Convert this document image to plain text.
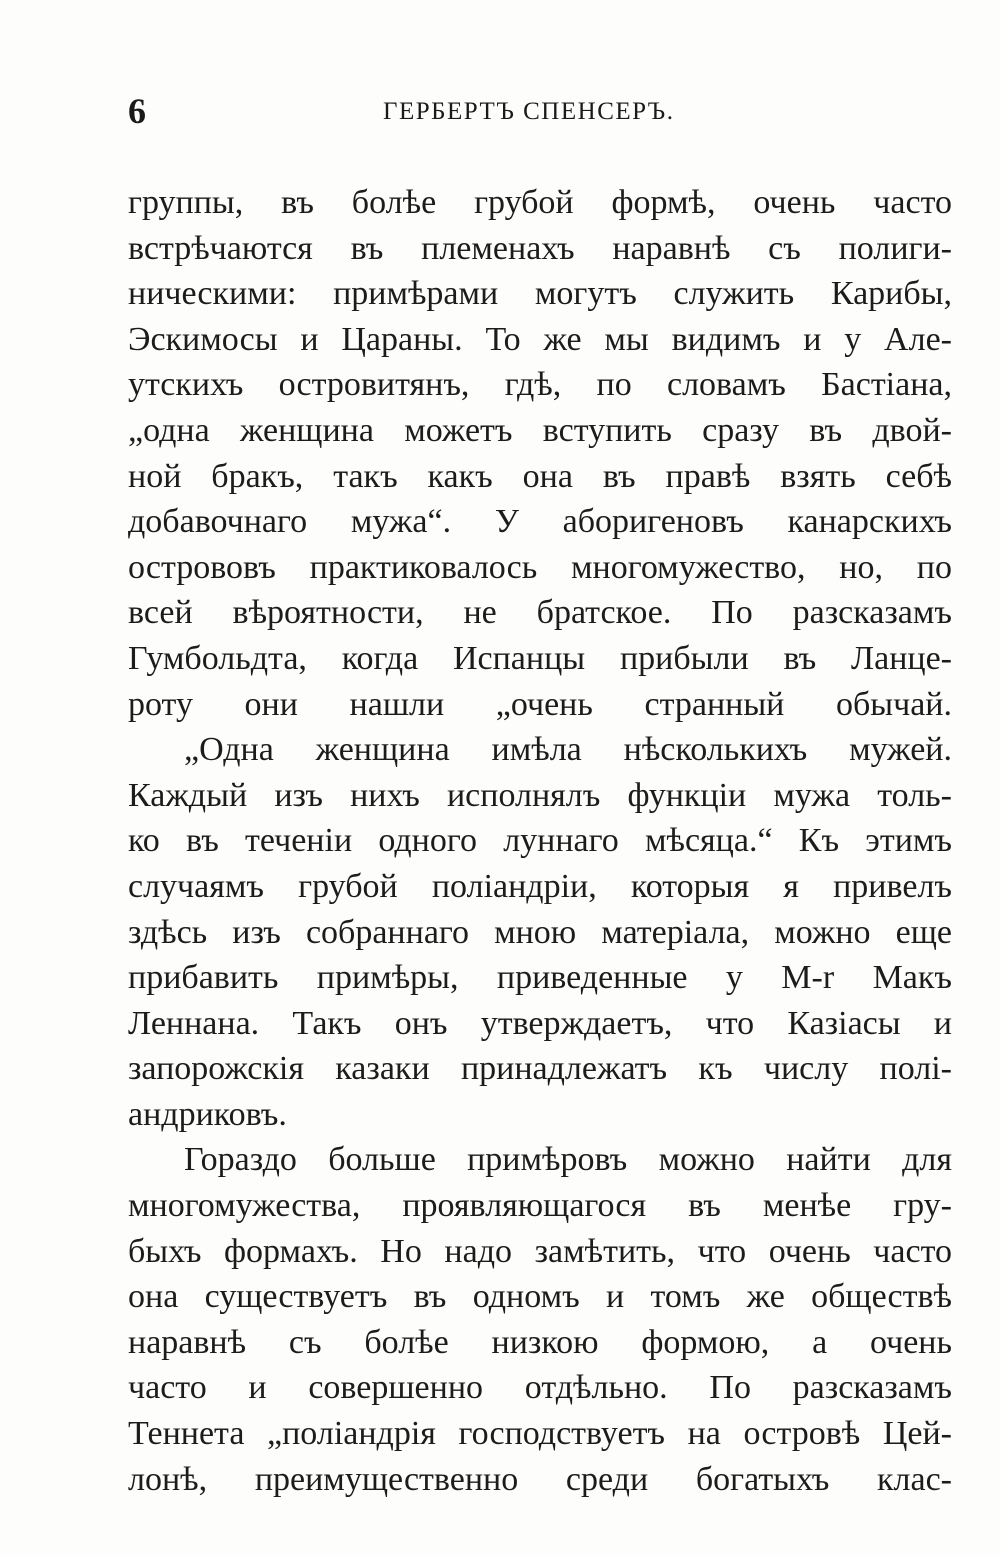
6	ГЕРБЕРТЪ СПЕНСЕРЪ.
группы, въ болѣе грубой формѣ, очень часто
встрѣчаются въ племенахъ наравнѣ съ полиги-
ническими: примѣрами могутъ служить Карибы,
Эскимосы и Цараны. То же мы видимъ и у Але-
утскихъ островитянъ, гдѣ, по словамъ Бастіана,
„одна женщина можетъ вступить сразу въ двой-
ной бракъ, такъ какъ она въ правѣ взять себѣ
добавочнаго мужа“. У аборигеновъ канарскихъ
острововъ практиковалось многомужество, но, по
всей вѣроятности, не братское. По разсказамъ
Гумбольдта, когда Испанцы прибыли въ Ланце-
роту они нашли „очень странный обычай.
„Одна женщина имѣла нѣсколькихъ мужей.
Каждый изъ нихъ исполнялъ функціи мужа толь-
ко въ теченіи одного луннаго мѣсяца.“ Къ этимъ
случаямъ грубой поліандріи, которыя я привелъ
здѣсь изъ собраннаго мною матеріала, можно еще
прибавить примѣры, приведенные у M-r Макъ
Леннана. Такъ онъ утверждаетъ, что Казіасы и
запорожскія казаки принадлежатъ къ числу полі-
андриковъ.
Гораздо больше примѣровъ можно найти для
многомужества, проявляющагося въ менѣе гру-
быхъ формахъ. Но надо замѣтить, что очень часто
она существуетъ въ одномъ и томъ же обществѣ
наравнѣ съ болѣе низкою формою, а очень
часто и совершенно отдѣльно. По разсказамъ
Теннета „поліандрія господствуетъ на островѣ Цей-
лонѣ, преимущественно среди богатыхъ клас-
